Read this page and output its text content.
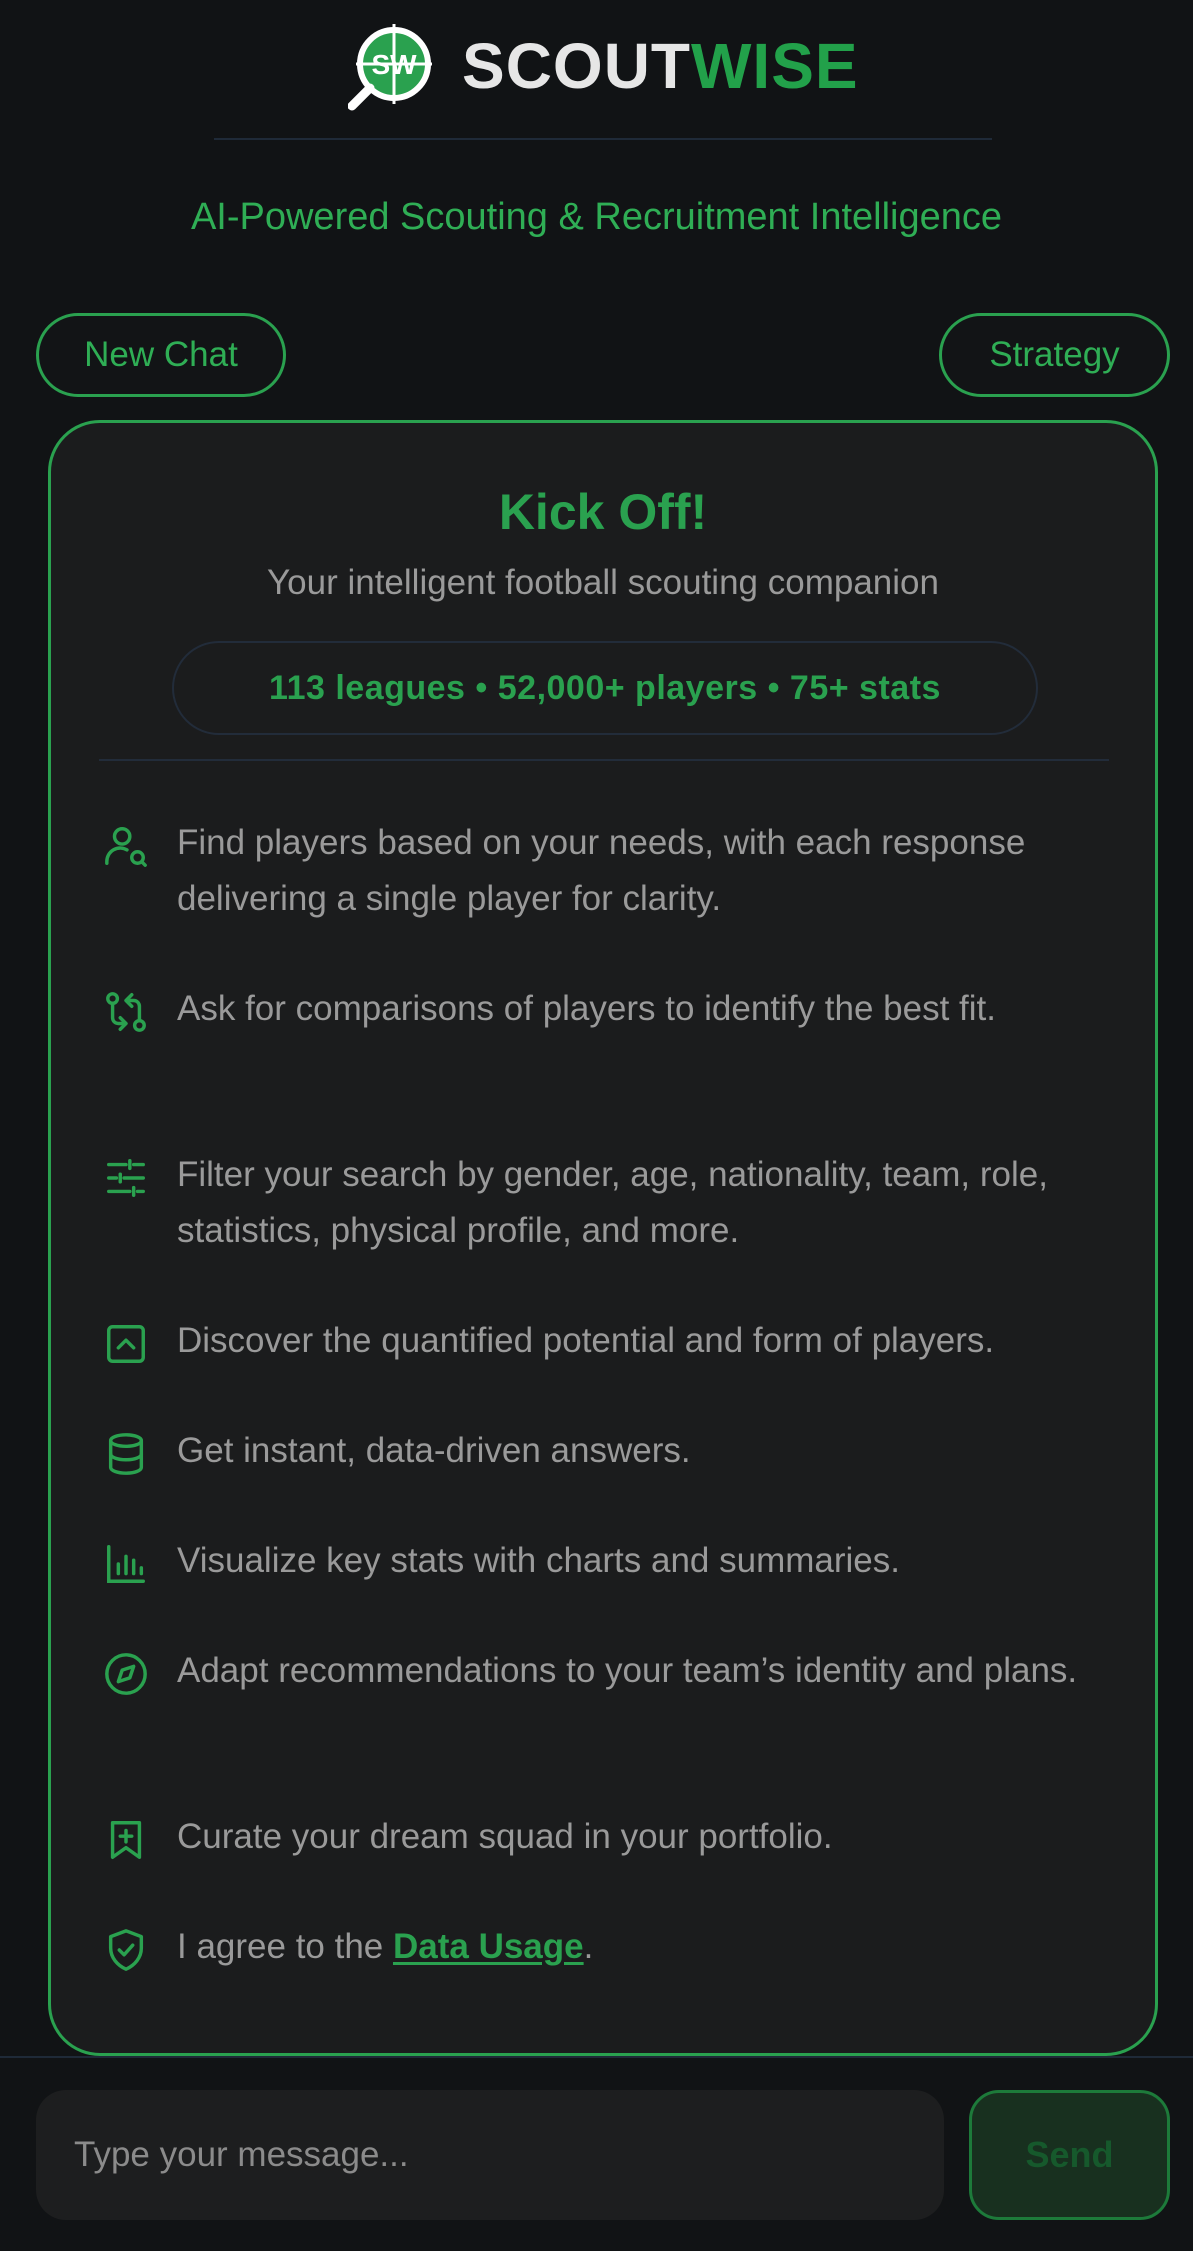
SW SCOUTWISE
AI-Powered Scouting & Recruitment Intelligence
New Chat	Strategy
Kick Off!
Your intelligent football scouting companion
113 leagues • 52,000+ players • 75+ stats
Find players based on your needs, with each response delivering a single player for clarity.
Ask for comparisons of players to identify the best fit.
Filter your search by gender, age, nationality, team, role, statistics, physical profile, and more.
Discover the quantified potential and form of players.
Get instant, data-driven answers.
Visualize key stats with charts and summaries.
Adapt recommendations to your team’s identity and plans.
Curate your dream squad in your portfolio.
I agree to the Data Usage.
Type your message...
Send
